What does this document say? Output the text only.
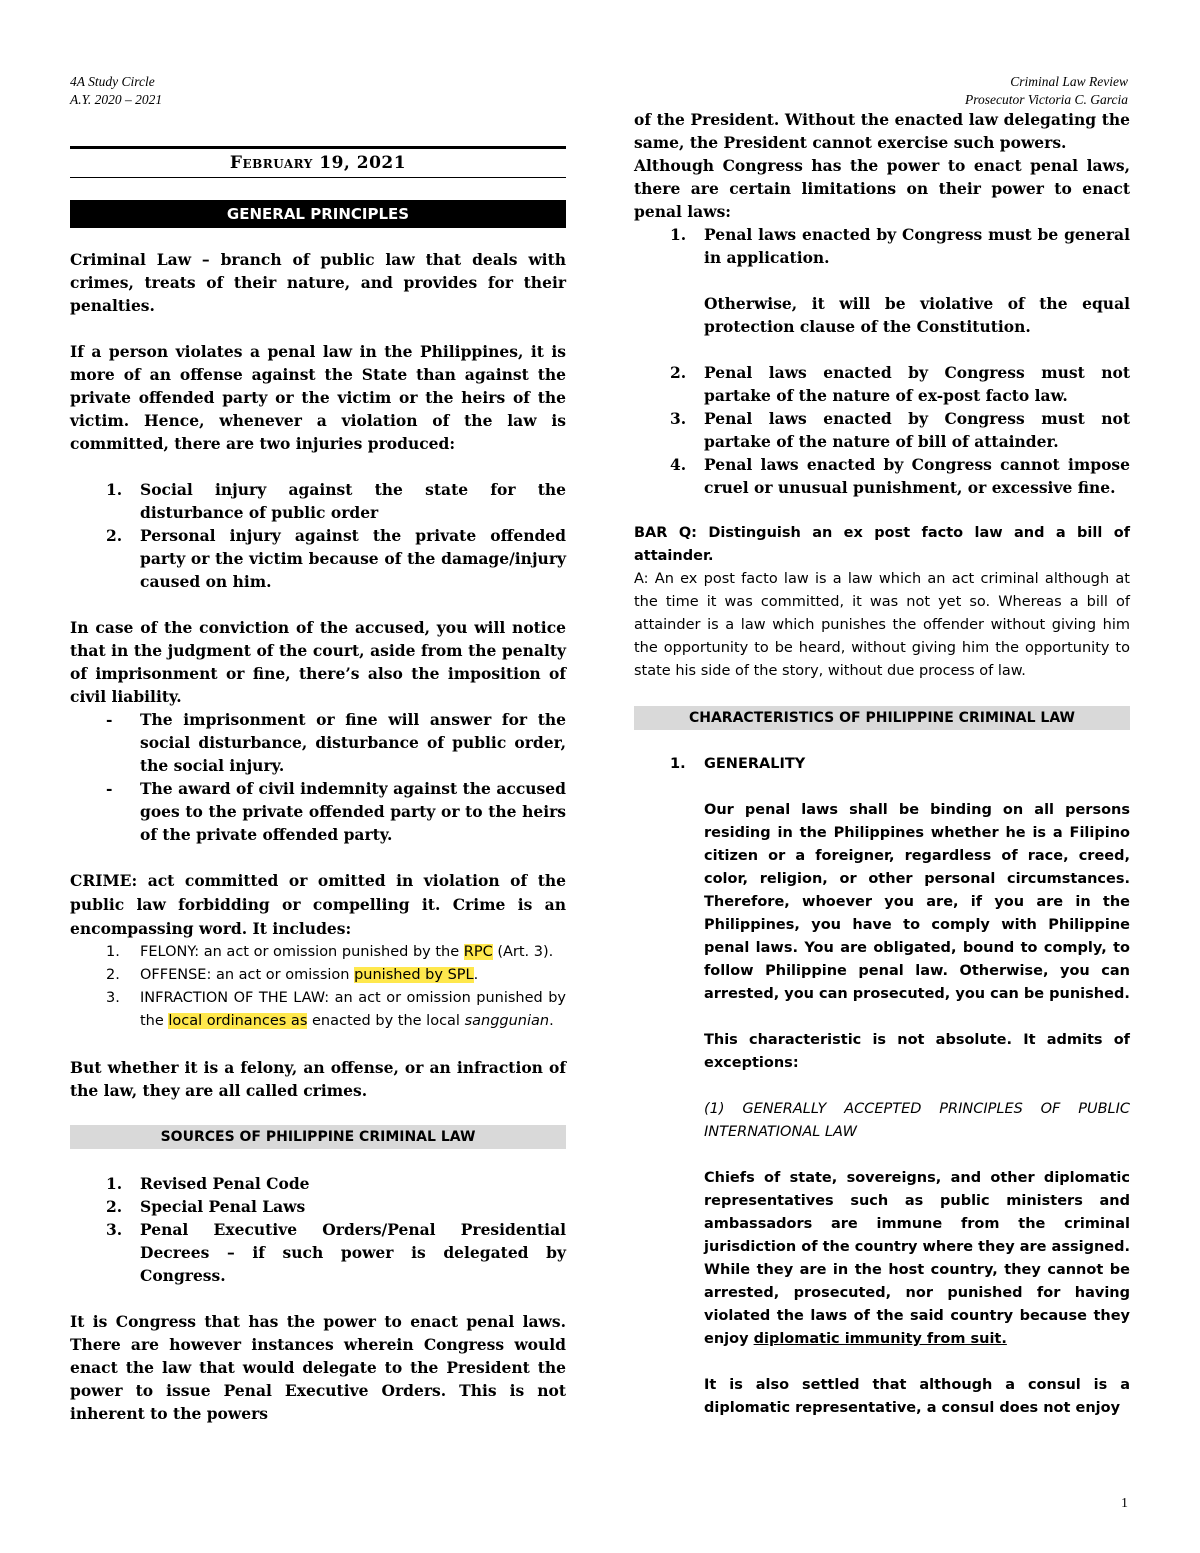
4A Study Circle
A.Y. 2020 – 2021
Criminal Law Review
Prosecutor Victoria C. Garcia
February 19, 2021
GENERAL PRINCIPLES

Criminal Law – branch of public law that deals with crimes, treats of their nature, and provides for their penalties.

If a person violates a penal law in the Philippines, it is more of an offense against the State than against the private offended party or the victim or the heirs of the victim. Hence, whenever a violation of the law is committed, there are two injuries produced:

1.	Social injury against the state for the disturbance of public order
2.	Personal injury against the private offended party or the victim because of the damage/injury caused on him.

In case of the conviction of the accused, you will notice that in the judgment of the court, aside from the penalty of imprisonment or fine, there’s also the imposition of civil liability.

-	The imprisonment or fine will answer for the social disturbance, disturbance of public order, the social injury.
-	The award of civil indemnity against the accused goes to the private offended party or to the heirs of the private offended party.

CRIME: act committed or omitted in violation of the public law forbidding or compelling it. Crime is an encompassing word. It includes:

1.	FELONY: an act or omission punished by the RPC (Art. 3).
2.	OFFENSE: an act or omission punished by SPL.
3.	INFRACTION OF THE LAW: an act or omission punished by the local ordinances as enacted by the local sanggunian.

But whether it is a felony, an offense, or an infraction of the law, they are all called crimes.

SOURCES OF PHILIPPINE CRIMINAL LAW
1.	Revised Penal Code
2.	Special Penal Laws
3.	Penal Executive Orders/Penal Presidential Decrees – if such power is delegated by Congress.

It is Congress that has the power to enact penal laws. There are however instances wherein Congress would enact the law that would delegate to the President the power to issue Penal Executive Orders. This is not inherent to the powers

of the President. Without the enacted law delegating the same, the President cannot exercise such powers.

Although Congress has the power to enact penal laws, there are certain limitations on their power to enact penal laws:

1.	Penal laws enacted by Congress must be general in application.
Otherwise, it will be violative of the equal protection clause of the Constitution.
2.	Penal laws enacted by Congress must not partake of the nature of ex-post facto law.
3.	Penal laws enacted by Congress must not partake of the nature of bill of attainder.
4.	Penal laws enacted by Congress cannot impose cruel or unusual punishment, or excessive fine.

BAR Q: Distinguish an ex post facto law and a bill of attainder.

A: An ex post facto law is a law which an act criminal although at the time it was committed, it was not yet so. Whereas a bill of attainder is a law which punishes the offender without giving him the opportunity to be heard, without giving him the opportunity to state his side of the story, without due process of law.

CHARACTERISTICS OF PHILIPPINE CRIMINAL LAW
1.	GENERALITY

Our penal laws shall be binding on all persons residing in the Philippines whether he is a Filipino citizen or a foreigner, regardless of race, creed, color, religion, or other personal circumstances. Therefore, whoever you are, if you are in the Philippines, you have to comply with Philippine penal laws. You are obligated, bound to comply, to follow Philippine penal law. Otherwise, you can arrested, you can prosecuted, you can be punished.

This characteristic is not absolute. It admits of exceptions:

(1) GENERALLY ACCEPTED PRINCIPLES OF PUBLIC INTERNATIONAL LAW

Chiefs of state, sovereigns, and other diplomatic representatives such as public ministers and ambassadors are immune from the criminal jurisdiction of the country where they are assigned. While they are in the host country, they cannot be arrested, prosecuted, nor punished for having violated the laws of the said country because they enjoy diplomatic immunity from suit.

It is also settled that although a consul is a diplomatic representative, a consul does not enjoy

1
